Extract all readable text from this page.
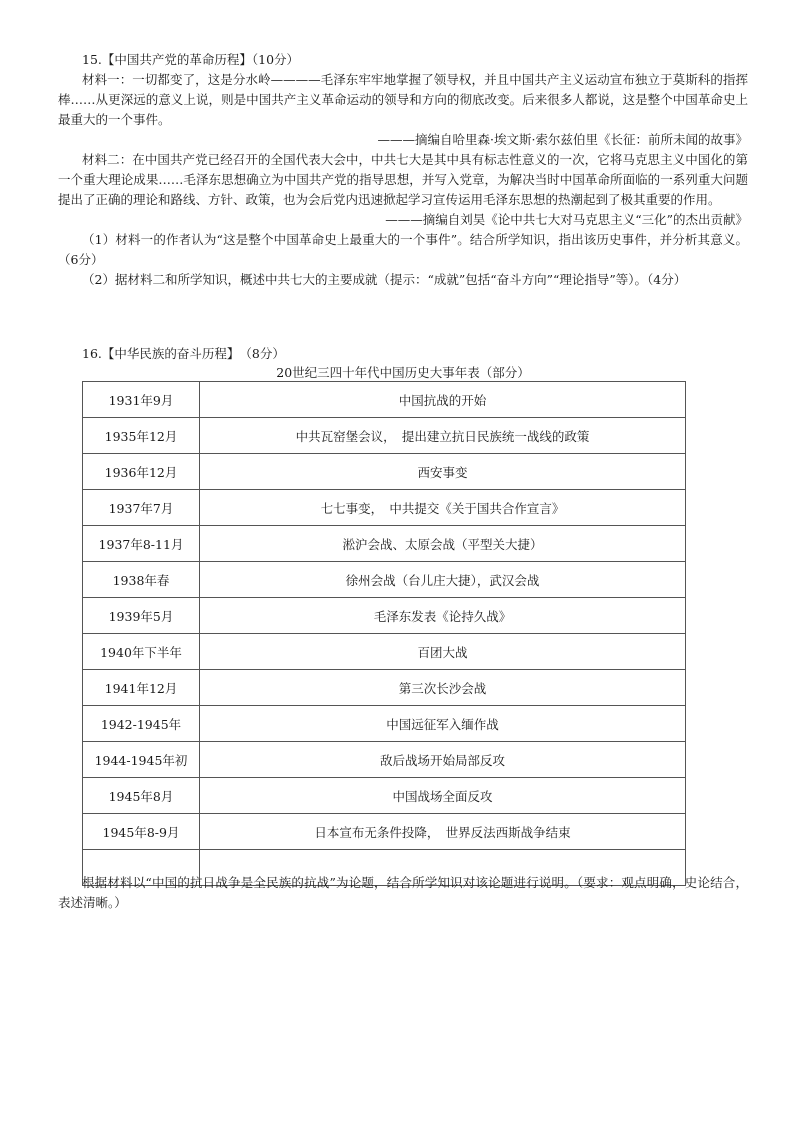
15.【中国共产党的革命历程】（10分）

材料一：一切都变了，这是分水岭————毛泽东牢牢地掌握了领导权，并且中国共产主义运动宣布独立于莫斯科的指挥棒……从更深远的意义上说，则是中国共产主义革命运动的领导和方向的彻底改变。后来很多人都说，这是整个中国革命史上最重大的一个事件。

———摘编自哈里森·埃文斯·索尔兹伯里《长征：前所未闻的故事》

材料二：在中国共产党已经召开的全国代表大会中，中共七大是其中具有标志性意义的一次，它将马克思主义中国化的第一个重大理论成果……毛泽东思想确立为中国共产党的指导思想，并写入党章，为解决当时中国革命所面临的一系列重大问题提出了正确的理论和路线、方针、政策，也为会后党内迅速掀起学习宣传运用毛泽东思想的热潮起到了极其重要的作用。

———摘编自刘昊《论中共七大对马克思主义“三化”的杰出贡献》

（1）材料一的作者认为“这是整个中国革命史上最重大的一个事件”。结合所学知识，指出该历史事件，并分析其意义。（6分）

（2）据材料二和所学知识，概述中共七大的主要成就（提示：“成就”包括“奋斗方向”“理论指导”等）。（4分）

16.【中华民族的奋斗历程】　（8分）

20世纪三四十年代中国历史大事年表（部分）

1931年9月	中国抗战的开始
1935年12月	中共瓦窑堡会议，　提出建立抗日民族统一战线的政策
1936年12月	西安事变
1937年7月	七七事变，　中共提交《关于国共合作宣言》
1937年8-11月	淞沪会战、太原会战（平型关大捷）
1938年春	徐州会战（台儿庄大捷），武汉会战
1939年5月	毛泽东发表《论持久战》
1940年下半年	百团大战
1941年12月	第三次长沙会战
1942-1945年	中国远征军入缅作战
1944-1945年初	敌后战场开始局部反攻
1945年8月	中国战场全面反攻
1945年8-9月	日本宣布无条件投降，　世界反法西斯战争结束

根据材料以“中国的抗日战争是全民族的抗战”为论题，结合所学知识对该论题进行说明。（要求：观点明确，史论结合，表述清晰。）
